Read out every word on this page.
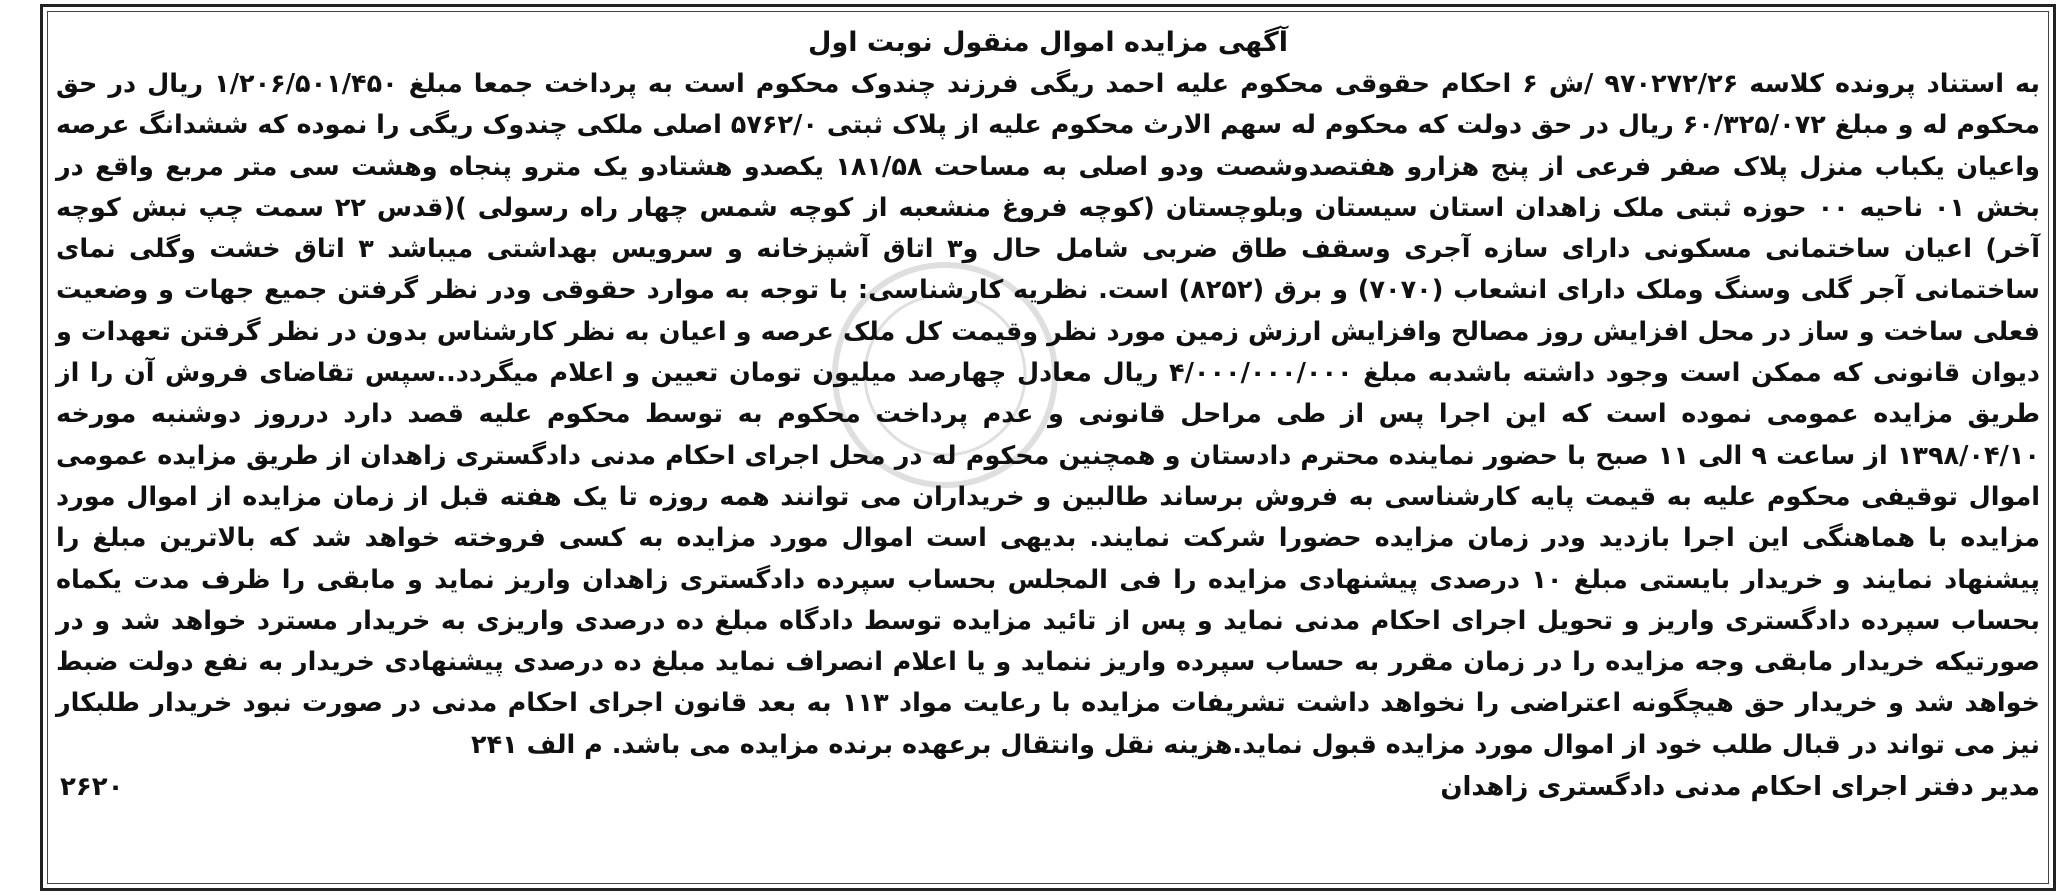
آگهی مزایده اموال منقول نوبت اول

به استناد پرونده کلاسه ۹۷۰۲۷۲/۲۶ /ش ۶ احکام حقوقی محکوم علیه احمد ریگی فرزند چندوک محکوم است به پرداخت جمعا مبلغ ۱/۲۰۶/۵۰۱/۴۵۰ ریال در حق محکوم له و مبلغ ۶۰/۳۲۵/۰۷۲ ریال در حق دولت که محکوم له سهم الارث محکوم علیه از پلاک ثبتی ۵۷۶۲/۰ اصلی ملکی چندوک ریگی را نموده که ششدانگ عرصه واعیان یکباب منزل پلاک صفر فرعی از پنج هزارو هفتصدوشصت ودو اصلی به مساحت ۱۸۱/۵۸ یکصدو هشتادو یک مترو پنجاه وهشت سی متر مربع واقع در بخش ۰۱ ناحیه ۰۰ حوزه ثبتی ملک زاهدان استان سیستان وبلوچستان (کوچه فروغ منشعبه از کوچه شمس چهار راه رسولی )(قدس ۲۲ سمت چپ نبش کوچه آخر) اعیان ساختمانی مسکونی دارای سازه آجری وسقف طاق ضربی شامل حال و۳ اتاق آشپزخانه و سرویس بهداشتی میباشد ۳ اتاق خشت وگلی نمای ساختمانی آجر گلی وسنگ وملک دارای انشعاب (۷۰۷۰) و برق (۸۲۵۲) است. نظریه کارشناسی: با توجه به موارد حقوقی ودر نظر گرفتن جمیع جهات و وضعیت فعلی ساخت و ساز در محل افزایش روز مصالح وافزایش ارزش زمین مورد نظر وقیمت کل ملک عرصه و اعیان به نظر کارشناس بدون در نظر گرفتن تعهدات و دیوان قانونی که ممکن است وجود داشته باشدبه مبلغ ۴/۰۰۰/۰۰۰/۰۰۰ ریال معادل چهارصد میلیون تومان تعیین و اعلام میگردد..سپس تقاضای فروش آن را از طریق مزایده عمومی نموده است که این اجرا پس از طی مراحل قانونی و عدم پرداخت محکوم به توسط محکوم علیه قصد دارد درروز دوشنبه مورخه ۱۳۹۸/۰۴/۱۰ از ساعت ۹ الی ۱۱ صبح با حضور نماینده محترم دادستان و همچنین محکوم له در محل اجرای احکام مدنی دادگستری زاهدان از طریق مزایده عمومی اموال توقیفی محکوم علیه به قیمت پایه کارشناسی به فروش برساند طالبین و خریداران می توانند همه روزه تا یک هفته قبل از زمان مزایده از اموال مورد مزایده با هماهنگی این اجرا بازدید ودر زمان مزایده حضورا شرکت نمایند. بدیهی است اموال مورد مزایده به کسی فروخته خواهد شد که بالاترین مبلغ را پیشنهاد نمایند و خریدار بایستی مبلغ ۱۰ درصدی پیشنهادی مزایده را فی المجلس بحساب سپرده دادگستری زاهدان واریز نماید و مابقی را ظرف مدت یکماه بحساب سپرده دادگستری واریز و تحویل اجرای احکام مدنی نماید و پس از تائید مزایده توسط دادگاه مبلغ ده درصدی واریزی به خریدار مسترد خواهد شد و در صورتیکه خریدار مابقی وجه مزایده را در زمان مقرر به حساب سپرده واریز ننماید و یا اعلام انصراف نماید مبلغ ده درصدی پیشنهادی خریدار به نفع دولت ضبط خواهد شد و خریدار حق هیچگونه اعتراضی را نخواهد داشت تشریفات مزایده با رعایت مواد ۱۱۳ به بعد قانون اجرای احکام مدنی در صورت نبود خریدار طلبکار نیز می تواند در قبال طلب خود از اموال مورد مزایده قبول نماید.هزینه نقل وانتقال برعهده برنده مزایده می باشد. م الف ۲۴۱

مدیر دفتر اجرای احکام مدنی دادگستری زاهدان
۲۶۲۰
